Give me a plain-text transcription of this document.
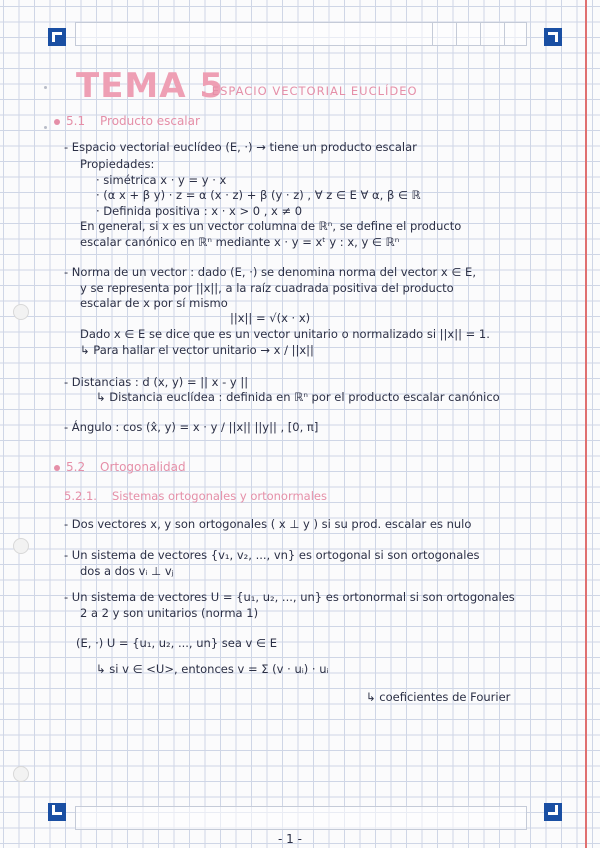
TEMA 5
- ESPACIO VECTORIAL EUCLÍDEO
5.1 Producto escalar
- Espacio vectorial euclídeo (E, ·) → tiene un producto escalar
Propiedades:
· simétrica x · y = y · x
· (α x + β y) · z = α (x · z) + β (y · z) , ∀ z ∈ E ∀ α, β ∈ ℝ
· Definida positiva : x · x > 0 , x ≠ 0
En general, si x es un vector columna de ℝⁿ, se define el producto
escalar canónico en ℝⁿ mediante x · y = xᵗ y : x, y ∈ ℝⁿ
- Norma de un vector : dado (E, ·) se denomina norma del vector x ∈ E,
y se representa por ||x||, a la raíz cuadrada positiva del producto
escalar de x por sí mismo
||x|| = √(x · x)
Dado x ∈ E se dice que es un vector unitario o normalizado si ||x|| = 1.
↳ Para hallar el vector unitario → x / ||x||
- Distancias : d (x, y) = || x - y ||
↳ Distancia euclídea : definida en ℝⁿ por el producto escalar canónico
- Ángulo : cos (x̂, y) = x · y / ||x|| ||y|| , [0, π]
5.2 Ortogonalidad
5.2.1. Sistemas ortogonales y ortonormales
- Dos vectores x, y son ortogonales ( x ⊥ y ) si su prod. escalar es nulo
- Un sistema de vectores {v₁, v₂, ..., vn} es ortogonal si son ortogonales
dos a dos vᵢ ⊥ vⱼ
- Un sistema de vectores U = {u₁, u₂, ..., un} es ortonormal si son ortogonales
2 a 2 y son unitarios (norma 1)
(E, ·) U = {u₁, u₂, ..., un} sea v ∈ E
↳ si v ∈ <U>, entonces v = Σ (v · uᵢ) · uᵢ
↳ coeficientes de Fourier
- 1 -
